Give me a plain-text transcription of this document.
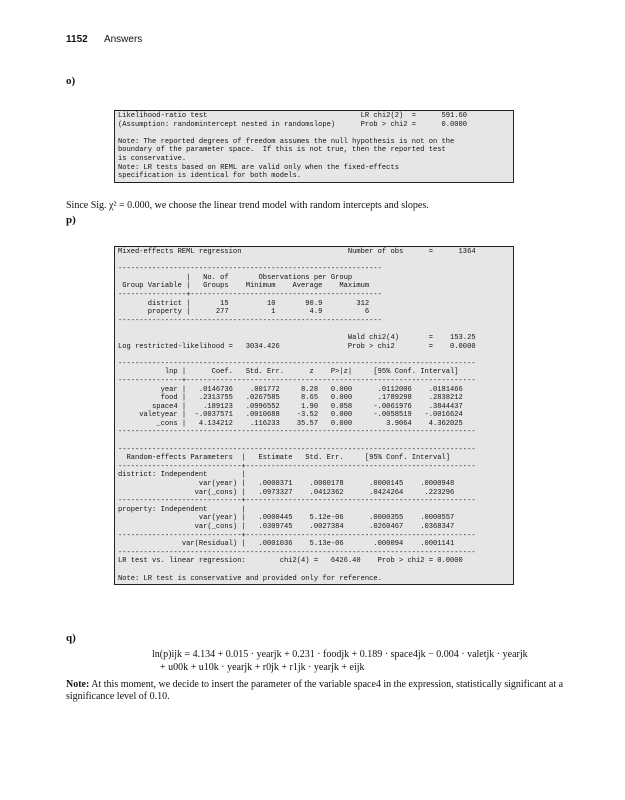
1152 Answers
o)
Likelihood-ratio test                                    LR chi2(2)  =      591.60
(Assumption: randomintercept nested in randomslope)      Prob > chi2 =      0.0000

Note: The reported degrees of freedom assumes the null hypothesis is not on the
boundary of the parameter space.  If this is not true, then the reported test
is conservative.
Note: LR tests based on REML are valid only when the fixed-effects
specification is identical for both models.
Since Sig. χ² = 0.000, we choose the linear trend model with random intercepts and slopes.
p)
Mixed-effects REML regression                         Number of obs      =      1364

--------------------------------------------------------------
|   No. of       Observations per Group
Group Variable |   Groups    Minimum    Average    Maximum
----------------+---------------------------------------------
district |       15         10       90.9        312
property |      277          1        4.9          6
--------------------------------------------------------------

Wald chi2(4)       =    153.25
Log restricted-likelihood =   3034.426                Prob > chi2        =    0.0000

------------------------------------------------------------------------------------
lnp |      Coef.   Std. Err.      z    P>|z|     [95% Conf. Interval]
---------------+--------------------------------------------------------------------
year |   .0146736    .001772     8.28   0.000      .0112006    .0181466
food |   .2313755   .0267585     8.65   0.000      .1789298    .2838212
space4 |    .189123   .0996552     1.90   0.058     -.0061976    .3844437
valetyear |  -.0037571   .0010688    -3.52   0.000     -.0058519   -.0016624
_cons |   4.134212    .116233    35.57   0.000        3.9064    4.362025
------------------------------------------------------------------------------------

------------------------------------------------------------------------------------
Random-effects Parameters  |   Estimate   Std. Err.     [95% Conf. Interval]
-----------------------------+------------------------------------------------------
district: Independent        |
var(year) |   .0000371    .0000178      .0000145    .0000948
var(_cons) |   .0973327    .0412362      .0424264     .223296
-----------------------------+------------------------------------------------------
property: Independent        |
var(year) |   .0000445    5.12e-06      .0000355    .0000557
var(_cons) |   .0309745    .0027384      .0260467    .0368347
-----------------------------+------------------------------------------------------
var(Residual) |   .0001036    5.13e-06       .000094    .0001141
------------------------------------------------------------------------------------
LR test vs. linear regression:        chi2(4) =   6426.40    Prob > chi2 = 0.0000

Note: LR test is conservative and provided only for reference.
q)
ln(p)ijk = 4.134 + 0.015 · yearjk + 0.231 · foodjk + 0.189 · space4jk − 0.004 · valetjk · yearjk
+ u00k + u10k · yearjk + r0jk + r1jk · yearjk + eijk
Note: At this moment, we decide to insert the parameter of the variable space4 in the expression, statistically significant at a significance level of 0.10.
